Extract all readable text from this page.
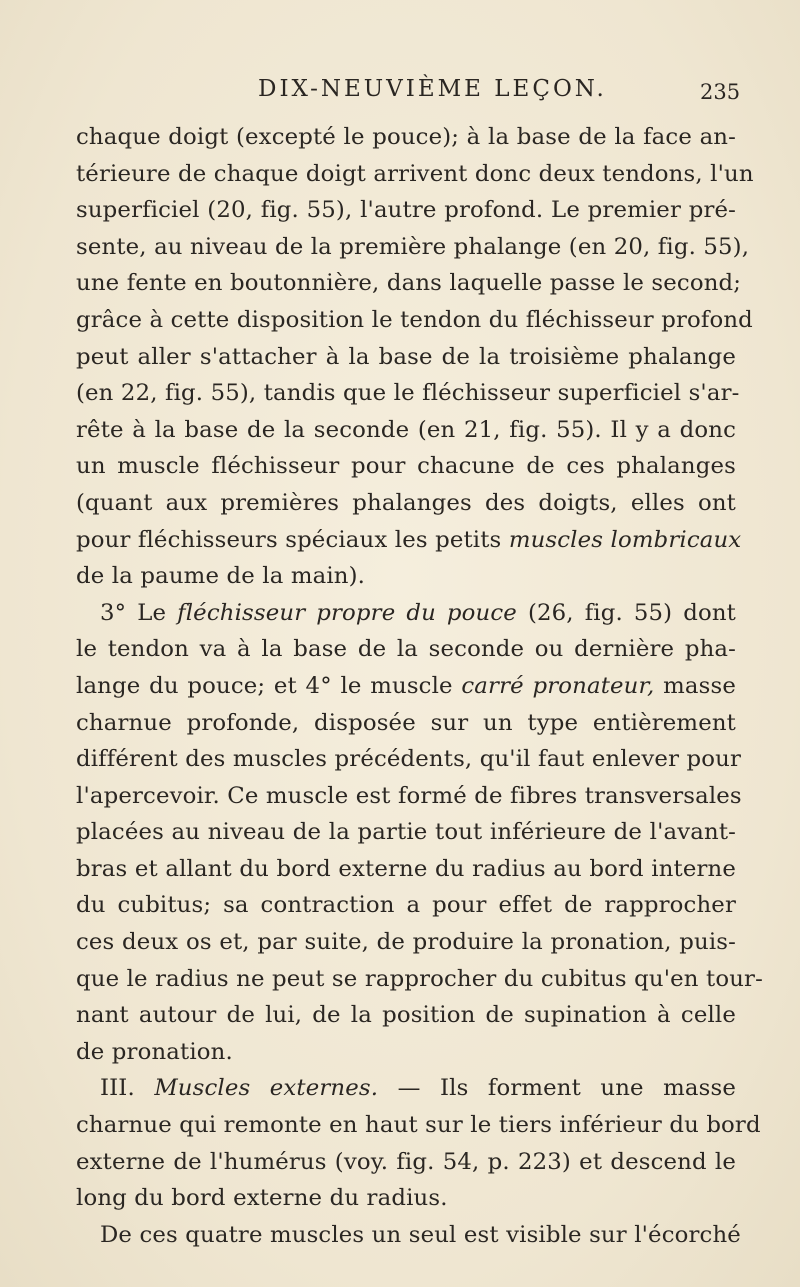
DIX-NEUVIÈME LEÇON.	235
chaque doigt (excepté le pouce); à la base de la face an-
térieure de chaque doigt arrivent donc deux tendons, l'un
superficiel (20, fig. 55), l'autre profond. Le premier pré-
sente, au niveau de la première phalange (en 20, fig. 55),
une fente en boutonnière, dans laquelle passe le second;
grâce à cette disposition le tendon du fléchisseur profond
peut aller s'attacher à la base de la troisième phalange
(en 22, fig. 55), tandis que le fléchisseur superficiel s'ar-
rête à la base de la seconde (en 21, fig. 55). Il y a donc
un muscle fléchisseur pour chacune de ces phalanges
(quant aux premières phalanges des doigts, elles ont
pour fléchisseurs spéciaux les petits muscles lombricaux
de la paume de la main).
3° Le fléchisseur propre du pouce (26, fig. 55) dont
le tendon va à la base de la seconde ou dernière pha-
lange du pouce; et 4° le muscle carré pronateur, masse
charnue profonde, disposée sur un type entièrement
différent des muscles précédents, qu'il faut enlever pour
l'apercevoir. Ce muscle est formé de fibres transversales
placées au niveau de la partie tout inférieure de l'avant-
bras et allant du bord externe du radius au bord interne
du cubitus; sa contraction a pour effet de rapprocher
ces deux os et, par suite, de produire la pronation, puis-
que le radius ne peut se rapprocher du cubitus qu'en tour-
nant autour de lui, de la position de supination à celle
de pronation.
III. Muscles externes. — Ils forment une masse
charnue qui remonte en haut sur le tiers inférieur du bord
externe de l'humérus (voy. fig. 54, p. 223) et descend le
long du bord externe du radius.
De ces quatre muscles un seul est visible sur l'écorché
